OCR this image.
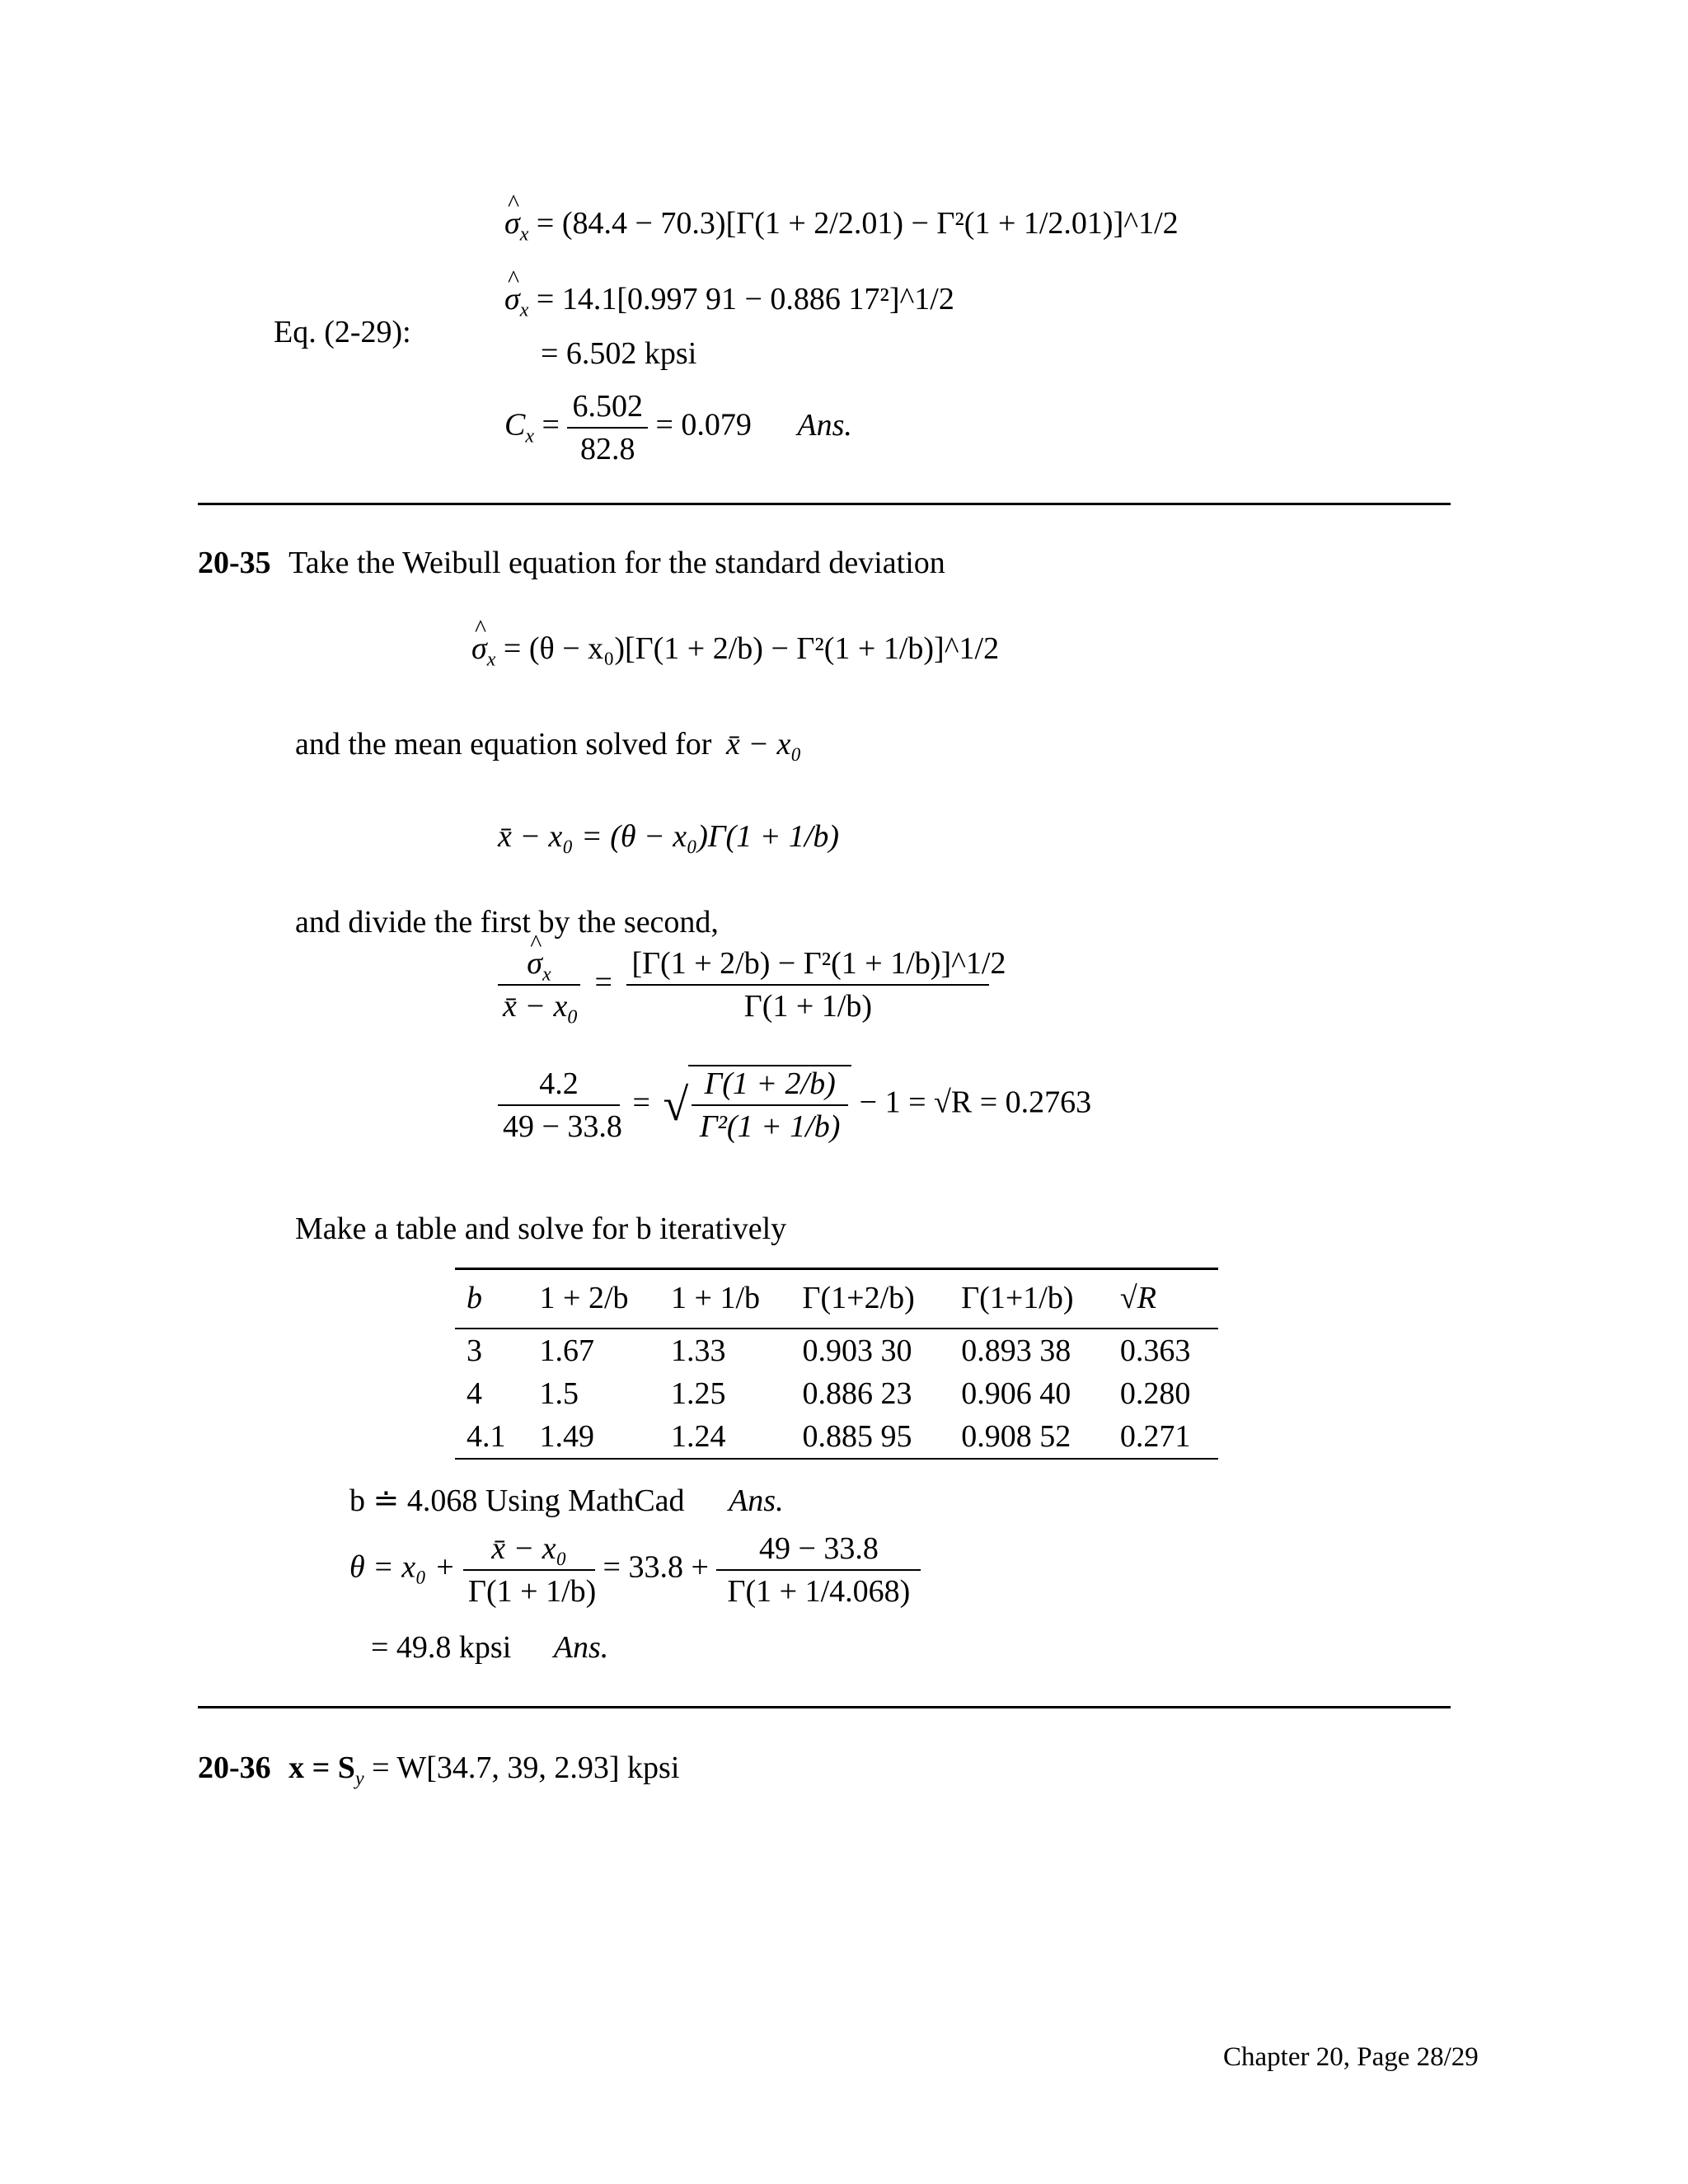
^ $\sigma_x = (84.4 - 70.3)[\Gamma(1 + 2/2.01) - \Gamma^2(1$ + 1/2.01)]^1/2
Eq. (2-29):
^ $\sigma_x = 14.1[0.997$ 91 − 0.886 17²]^1/2
= 6.502 kpsi
$C_x = \frac{6.502}{82.8} = 0.079$ Ans.
20-35 Take the Weibull equation for the standard deviation
^ $\sigma_x = (\theta - x_0)[\Gamma(1 + 2/b) - \Gamma^2(1$ + 1/b)]^1/2
and the mean equation solved for x̄ − x₀
x̄ − x₀ = (θ − x₀)Γ(1 + 1/b)
and divide the first by the second,
^ $\frac{\sigma_x}{x̄ - x_0} = \frac{\text{[Γ(1 + 2/b) − Γ²(1 + 1/b)]\textasciicircum{}1/2}}{\Gamma(1 + 1/b)}$
$\frac{4.2}{49 - 33.8}$ = √ $\frac{\Gamma(1 + 2/b)}{\text{Γ²(1 + 1/b)}} - 1 = √R = 0.2763$
Make a table and solve for b iteratively
b	1 + 2/b	1 + 1/b	Γ(1+2/b)	Γ(1+1/b)	√R
3	1.67	1.33	0.903 30	0.893 38	0.363
4	1.5	1.25	0.886 23	0.906 40	0.280
4.1	1.49	1.24	0.885 95	0.908 52	0.271
b ≐ 4.068 Using MathCad Ans.
$\theta = x_0 + \frac{\text{x̄ − x₀}}{\Gamma(1 + 1/b)} = 33.8 + \frac{49 - 33.8}{\Gamma(1 + 1/4.068)}$
= 49.8 kpsi Ans.
20-36 $x = S_y = W[34.7$, 39, 2.93] kpsi
Chapter 20, Page 28/29
